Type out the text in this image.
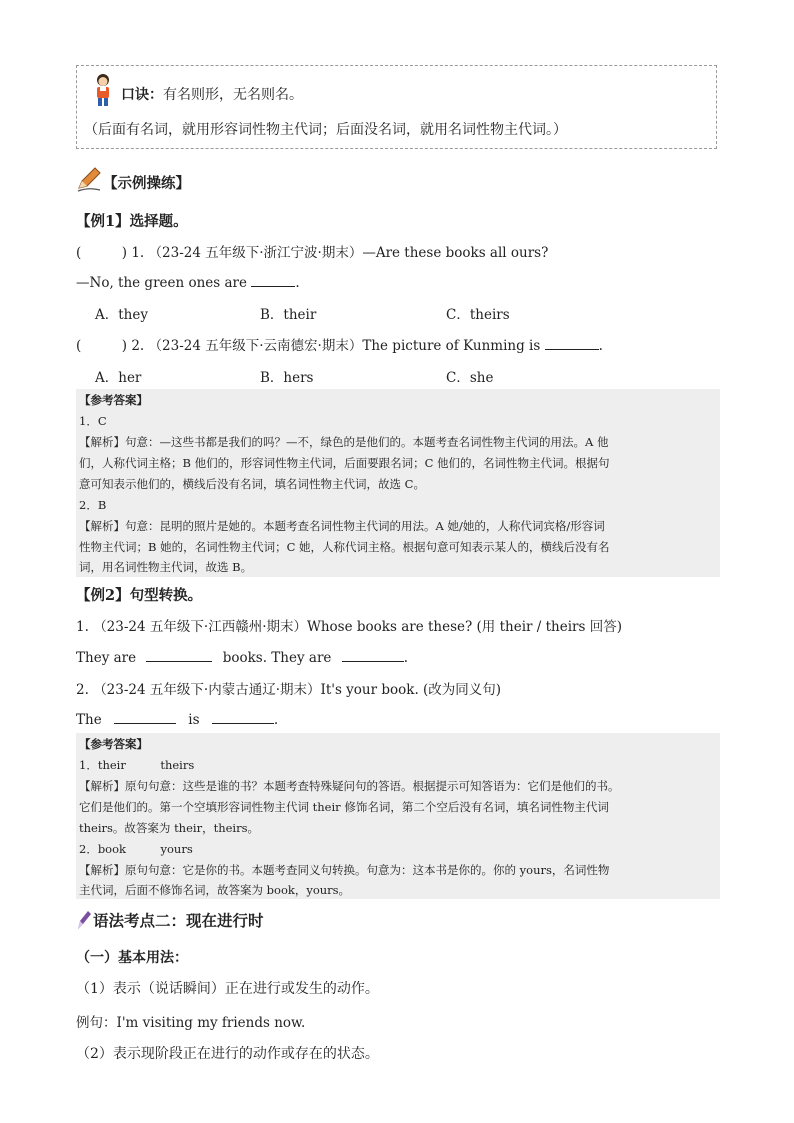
口诀：有名则形，无名则名。
（后面有名词，就用形容词性物主代词；后面没名词，就用名词性物主代词。）
【示例操练】
【例1】选择题。
(　　　) 1. （23-24 五年级下·浙江宁波·期末）—Are these books all ours?
—No, the green ones are	.
A．they	B．their	C．theirs
(　　　) 2. （23-24 五年级下·云南德宏·期末）The picture of Kunming is	.
A．her	B．hers	C．she
【参考答案】
1．C
【解析】句意：—这些书都是我们的吗？—不，绿色的是他们的。本题考查名词性物主代词的用法。A 他
们，人称代词主格；B 他们的，形容词性物主代词，后面要跟名词；C 他们的，名词性物主代词。根据句
意可知表示他们的，横线后没有名词，填名词性物主代词，故选 C。
2．B
【解析】句意：昆明的照片是她的。本题考查名词性物主代词的用法。A 她/她的，人称代词宾格/形容词
性物主代词；B 她的，名词性物主代词；C 她，人称代词主格。根据句意可知表示某人的，横线后没有名
词，用名词性物主代词，故选 B。
【例2】句型转换。
1. （23-24 五年级下·江西赣州·期末）Whose books are these? (用 their / theirs 回答)
They are	books. They are	.
2. （23-24 五年级下·内蒙古通辽·期末）It's your book. (改为同义句)
The	is	.
【参考答案】
1．their　　　theirs
【解析】原句句意：这些是谁的书？本题考查特殊疑问句的答语。根据提示可知答语为：它们是他们的书。
它们是他们的。第一个空填形容词性物主代词 their 修饰名词，第二个空后没有名词，填名词性物主代词
theirs。故答案为 their，theirs。
2．book　　　yours
【解析】原句句意：它是你的书。本题考查同义句转换。句意为：这本书是你的。你的 yours，名词性物
主代词，后面不修饰名词，故答案为 book，yours。
语法考点二：现在进行时
（一）基本用法：
（1）表示（说话瞬间）正在进行或发生的动作。
例句：I'm visiting my friends now.
（2）表示现阶段正在进行的动作或存在的状态。
